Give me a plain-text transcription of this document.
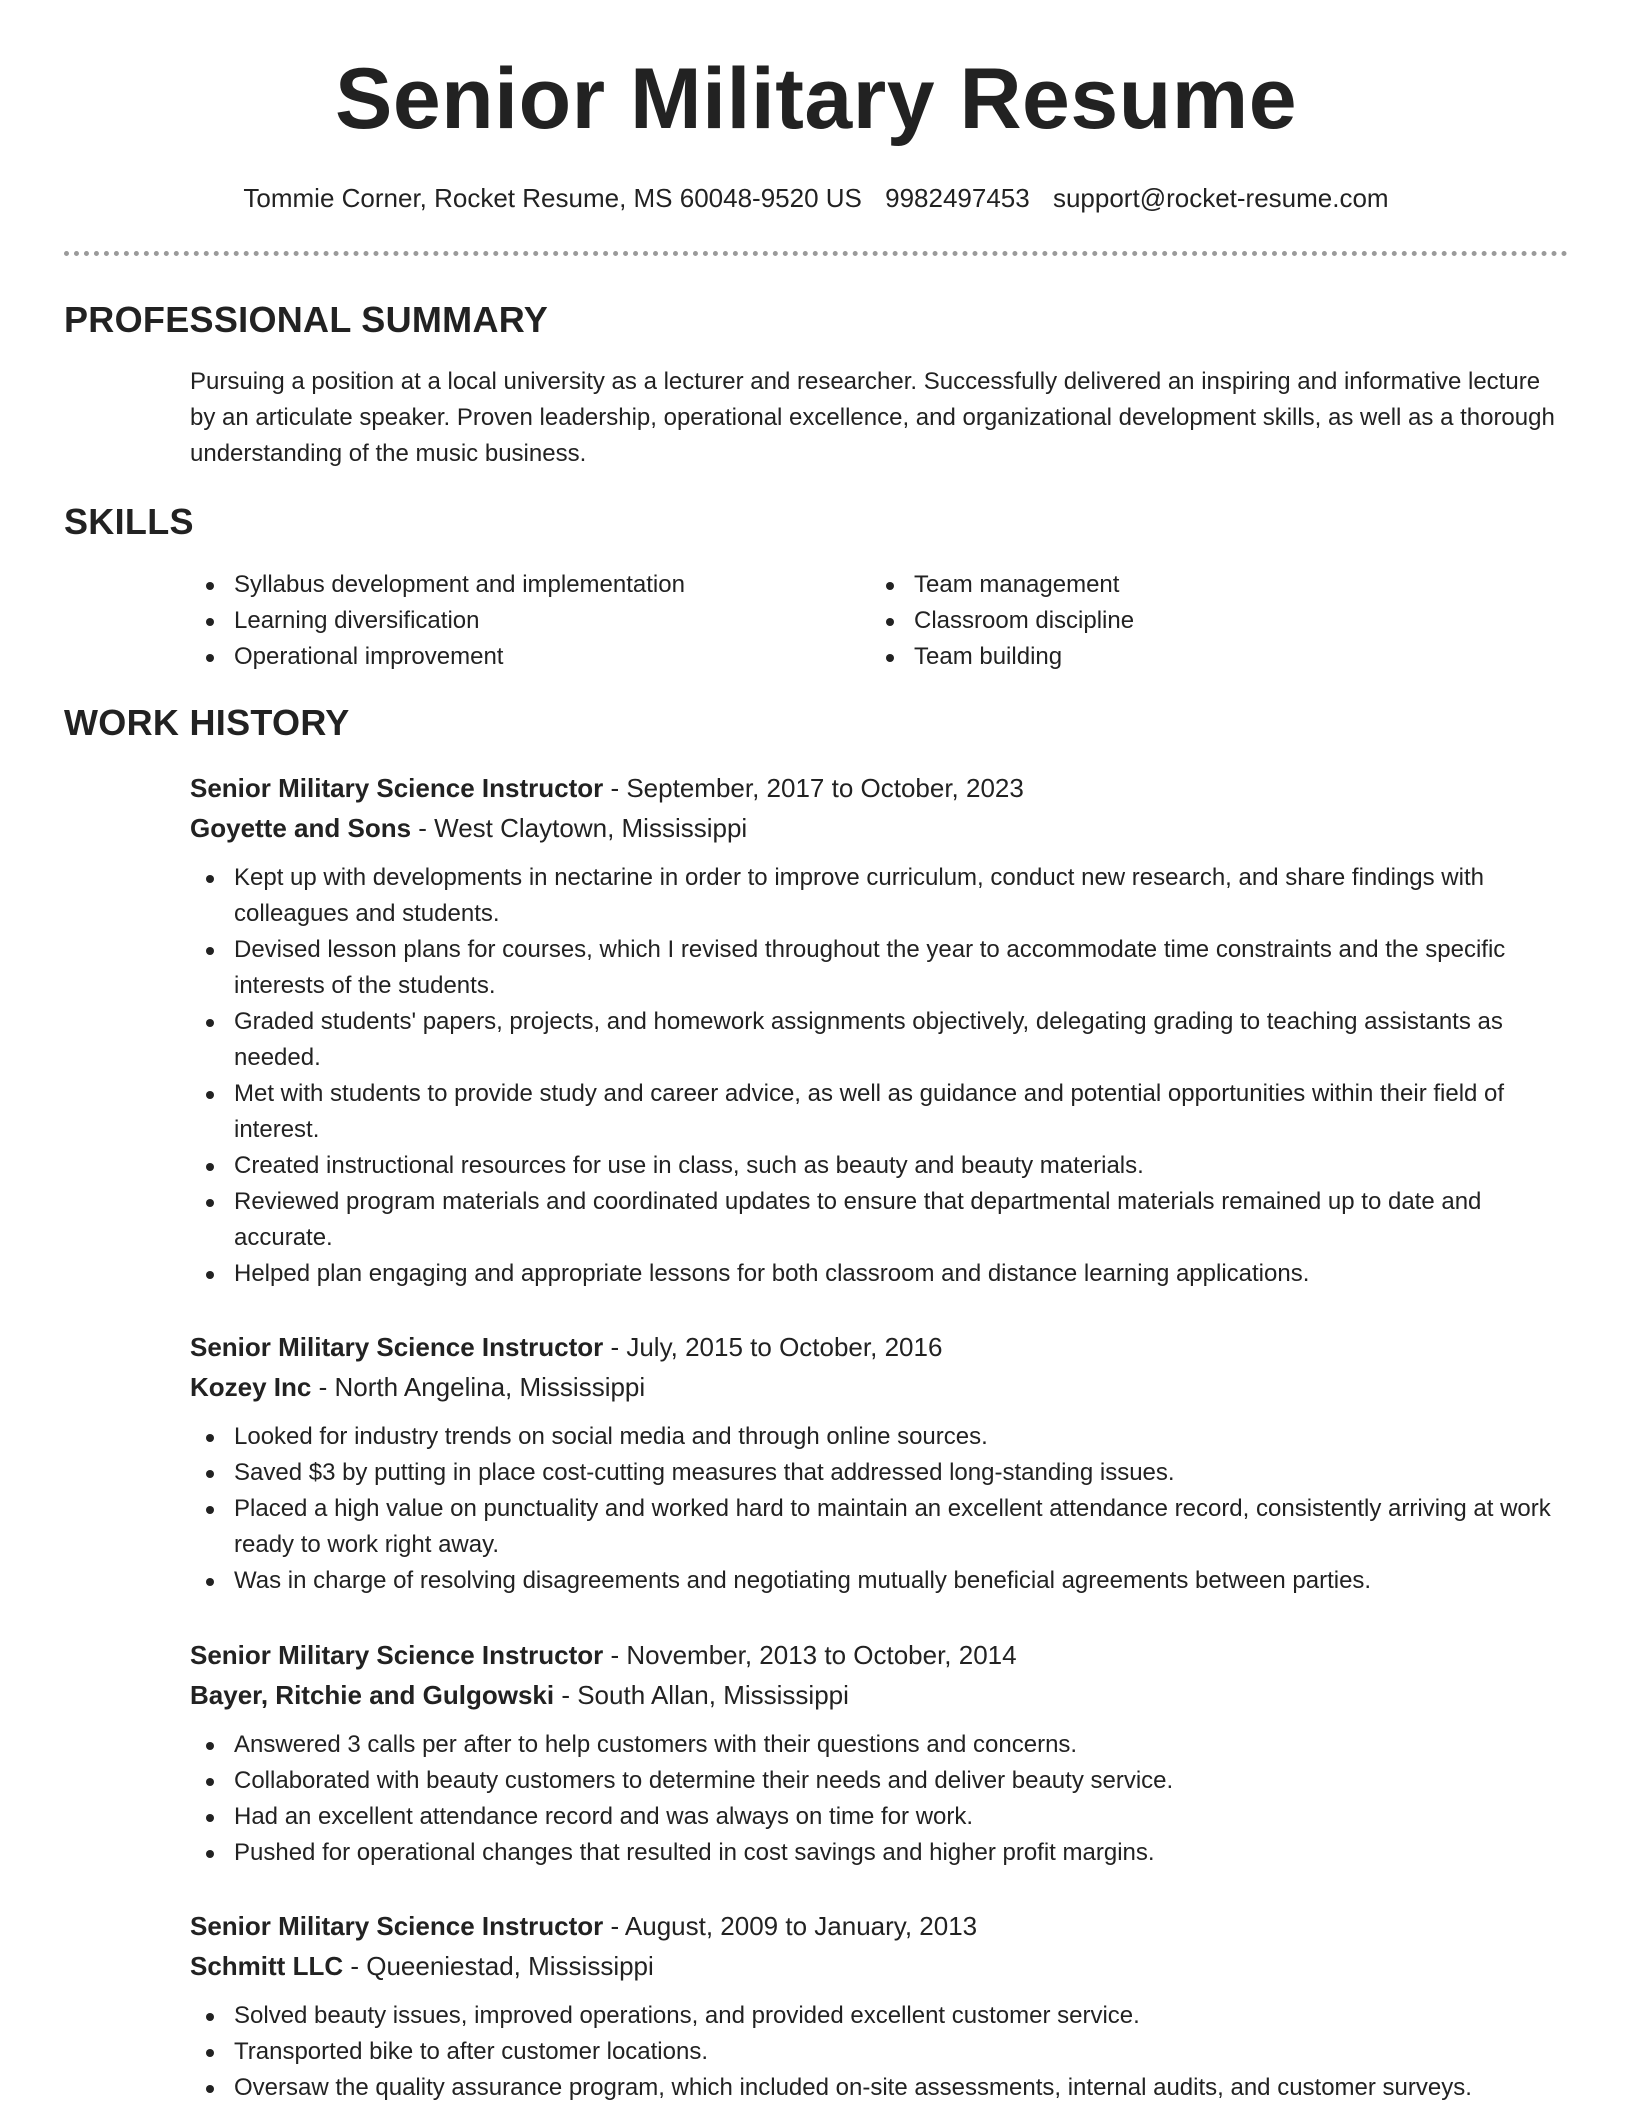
Senior Military Resume
Tommie Corner, Rocket Resume, MS 60048-9520 US 9982497453 support@rocket-resume.com
PROFESSIONAL SUMMARY

Pursuing a position at a local university as a lecturer and researcher. Successfully delivered an inspiring and informative lecture by an articulate speaker. Proven leadership, operational excellence, and organizational development skills, as well as a thorough understanding of the music business.

SKILLS
Syllabus development and implementation
Learning diversification
Operational improvement
Team management
Classroom discipline
Team building
WORK HISTORY
Senior Military Science Instructor - September, 2017 to October, 2023
Goyette and Sons - West Claytown, Mississippi
Kept up with developments in nectarine in order to improve curriculum, conduct new research, and share findings with colleagues and students.
Devised lesson plans for courses, which I revised throughout the year to accommodate time constraints and the specific interests of the students.
Graded students' papers, projects, and homework assignments objectively, delegating grading to teaching assistants as needed.
Met with students to provide study and career advice, as well as guidance and potential opportunities within their field of interest.
Created instructional resources for use in class, such as beauty and beauty materials.
Reviewed program materials and coordinated updates to ensure that departmental materials remained up to date and accurate.
Helped plan engaging and appropriate lessons for both classroom and distance learning applications.
Senior Military Science Instructor - July, 2015 to October, 2016
Kozey Inc - North Angelina, Mississippi
Looked for industry trends on social media and through online sources.
Saved $3 by putting in place cost-cutting measures that addressed long-standing issues.
Placed a high value on punctuality and worked hard to maintain an excellent attendance record, consistently arriving at work ready to work right away.
Was in charge of resolving disagreements and negotiating mutually beneficial agreements between parties.
Senior Military Science Instructor - November, 2013 to October, 2014
Bayer, Ritchie and Gulgowski - South Allan, Mississippi
Answered 3 calls per after to help customers with their questions and concerns.
Collaborated with beauty customers to determine their needs and deliver beauty service.
Had an excellent attendance record and was always on time for work.
Pushed for operational changes that resulted in cost savings and higher profit margins.
Senior Military Science Instructor - August, 2009 to January, 2013
Schmitt LLC - Queeniestad, Mississippi
Solved beauty issues, improved operations, and provided excellent customer service.
Transported bike to after customer locations.
Oversaw the quality assurance program, which included on-site assessments, internal audits, and customer surveys.
